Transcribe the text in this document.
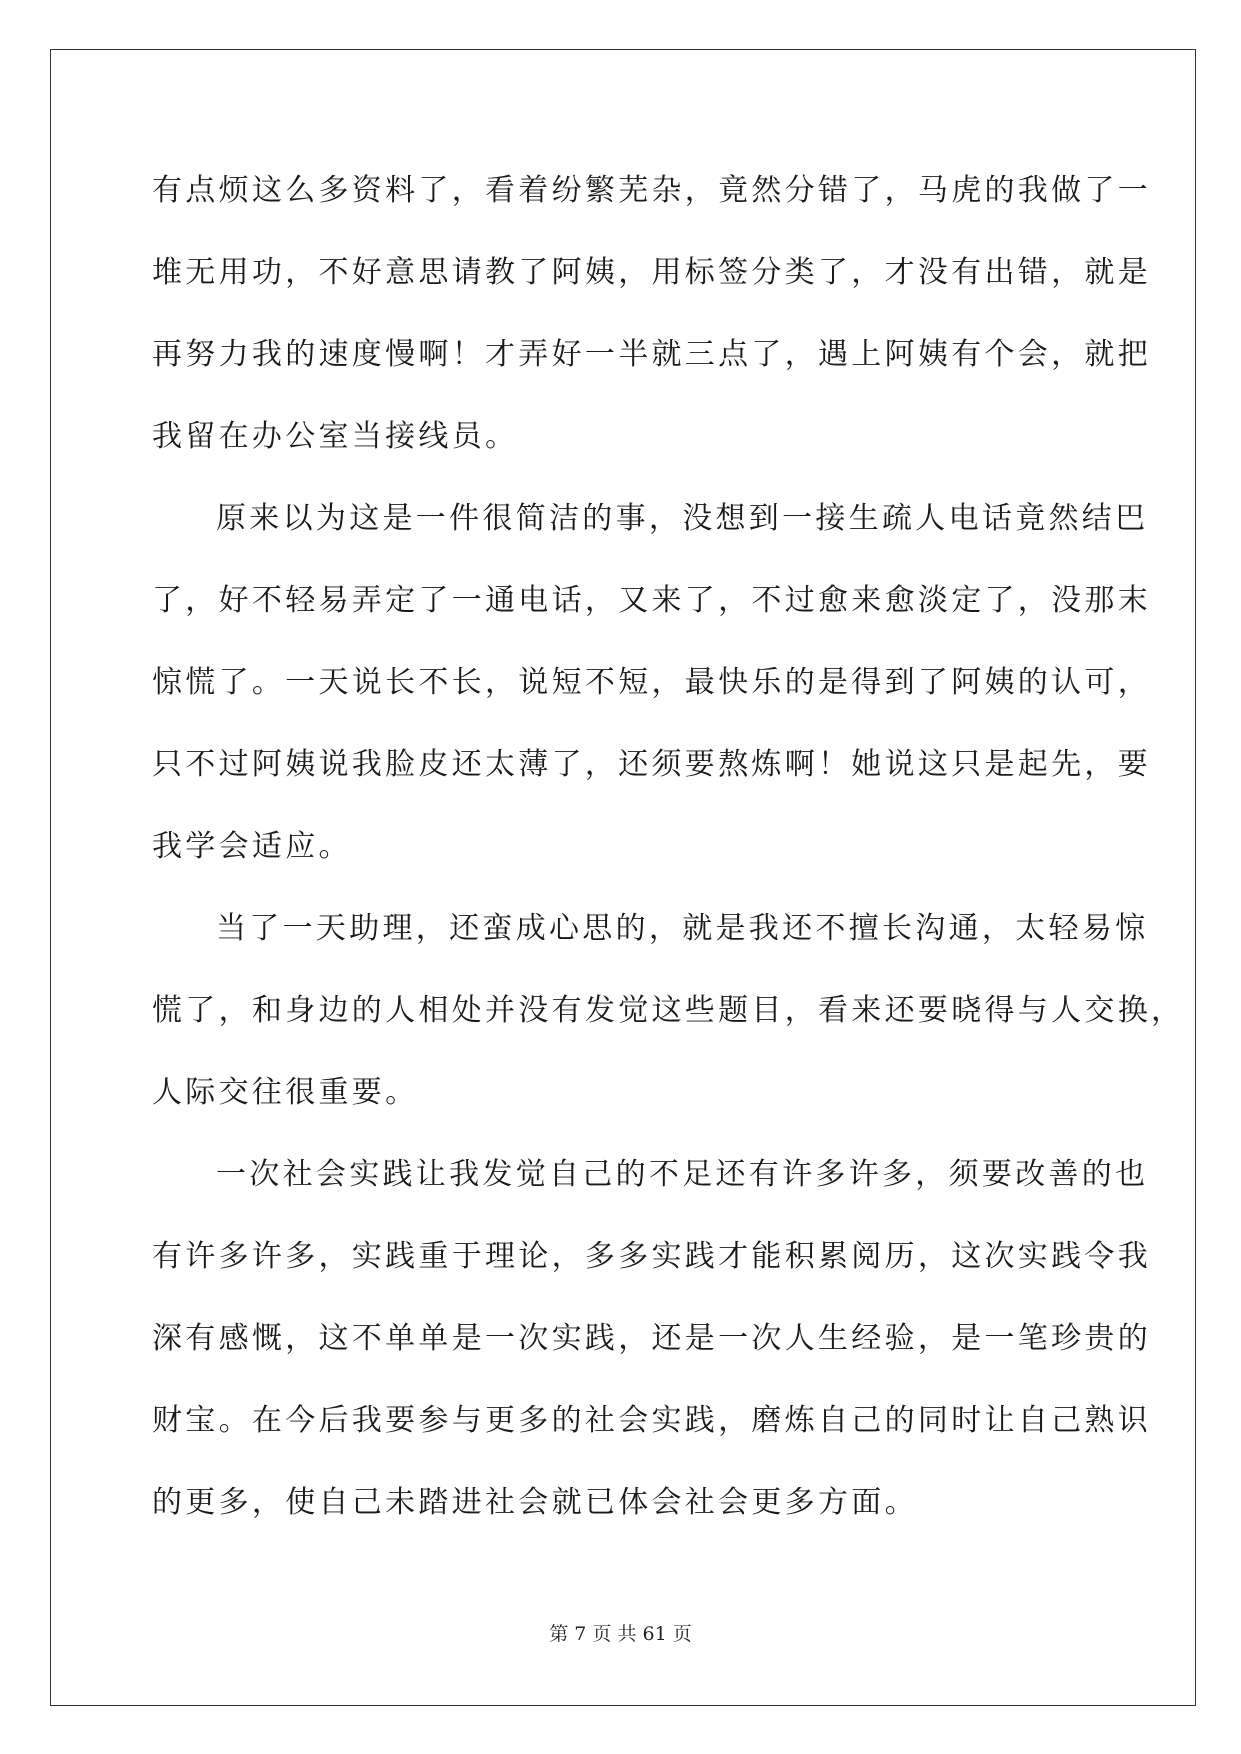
有点烦这么多资料了，看着纷繁芜杂，竟然分错了，马虎的我做了一
堆无用功，不好意思请教了阿姨，用标签分类了，才没有出错，就是
再努力我的速度慢啊！才弄好一半就三点了，遇上阿姨有个会，就把
我留在办公室当接线员。
原来以为这是一件很简洁的事，没想到一接生疏人电话竟然结巴
了，好不轻易弄定了一通电话，又来了，不过愈来愈淡定了，没那末
惊慌了。一天说长不长，说短不短，最快乐的是得到了阿姨的认可，
只不过阿姨说我脸皮还太薄了，还须要熬炼啊！她说这只是起先，要
我学会适应。
当了一天助理，还蛮成心思的，就是我还不擅长沟通，太轻易惊
慌了，和身边的人相处并没有发觉这些题目，看来还要晓得与人交换，
人际交往很重要。
一次社会实践让我发觉自己的不足还有许多许多，须要改善的也
有许多许多，实践重于理论，多多实践才能积累阅历，这次实践令我
深有感慨，这不单单是一次实践，还是一次人生经验，是一笔珍贵的
财宝。在今后我要参与更多的社会实践，磨炼自己的同时让自己熟识
的更多，使自己未踏进社会就已体会社会更多方面。
第 7 页 共 61 页
